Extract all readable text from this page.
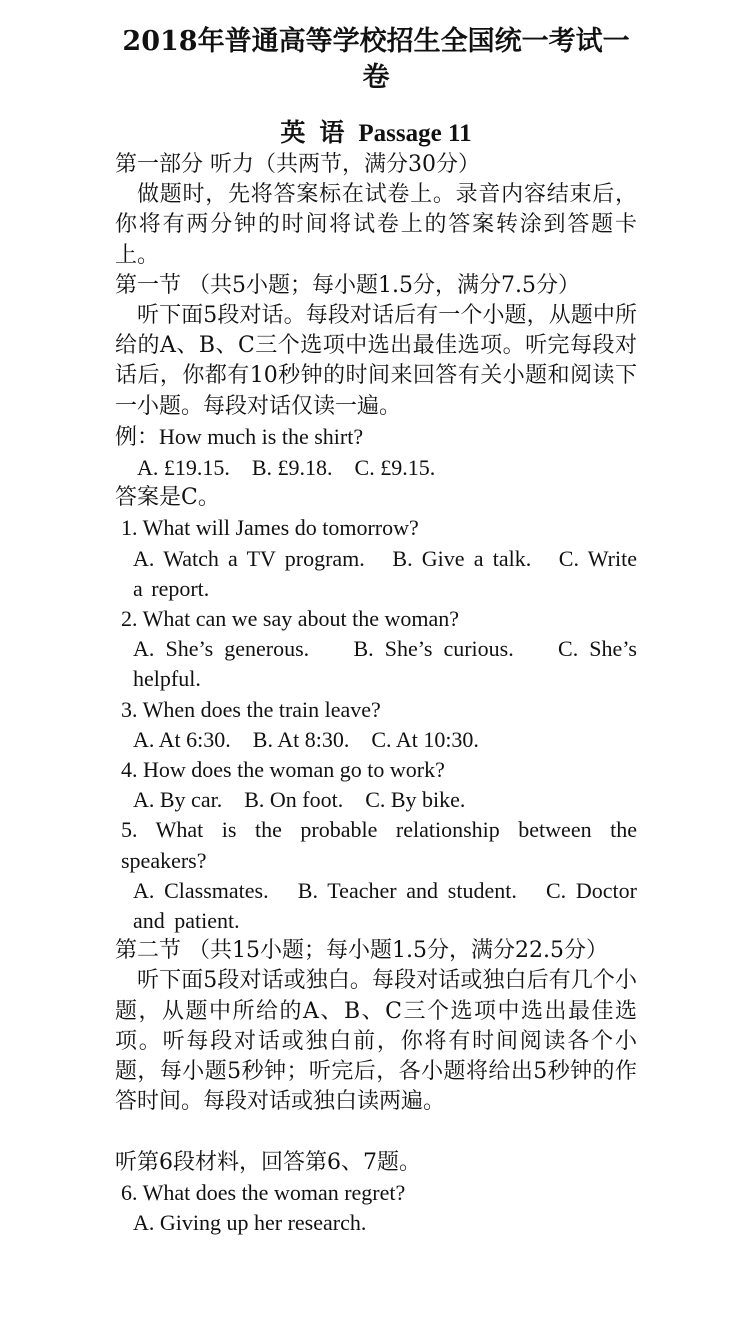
2018年普通高等学校招生全国统一考试一卷
英语Passage 11
第一部分 听力（共两节，满分30分）
做题时，先将答案标在试卷上。录音内容结束后，你将有两分钟的时间将试卷上的答案转涂到答题卡上。
第一节 （共5小题；每小题1.5分，满分7.5分）
听下面5段对话。每段对话后有一个小题，从题中所给的A、B、C三个选项中选出最佳选项。听完每段对话后，你都有10秒钟的时间来回答有关小题和阅读下一小题。每段对话仅读一遍。
例：How much is the shirt?
A. £19.15.    B. £9.18.    C. £9.15.
答案是C。
1. What will James do tomorrow?
A. Watch a TV program.   B. Give a talk.   C. Write a report.
2. What can we say about the woman?
A. She’s generous.    B. She’s curious.    C. She’s helpful.
3. When does the train leave?
A. At 6:30.    B. At 8:30.    C. At 10:30.
4. How does the woman go to work?
A. By car.    B. On foot.    C. By bike.
5. What is the probable relationship between the speakers?
A. Classmates.   B. Teacher and student.   C. Doctor and patient.
第二节 （共15小题；每小题1.5分，满分22.5分）
听下面5段对话或独白。每段对话或独白后有几个小题，从题中所给的A、B、C三个选项中选出最佳选项。听每段对话或独白前，你将有时间阅读各个小题，每小题5秒钟；听完后，各小题将给出5秒钟的作答时间。每段对话或独白读两遍。
听第6段材料，回答第6、7题。
6. What does the woman regret?
A. Giving up her research.
